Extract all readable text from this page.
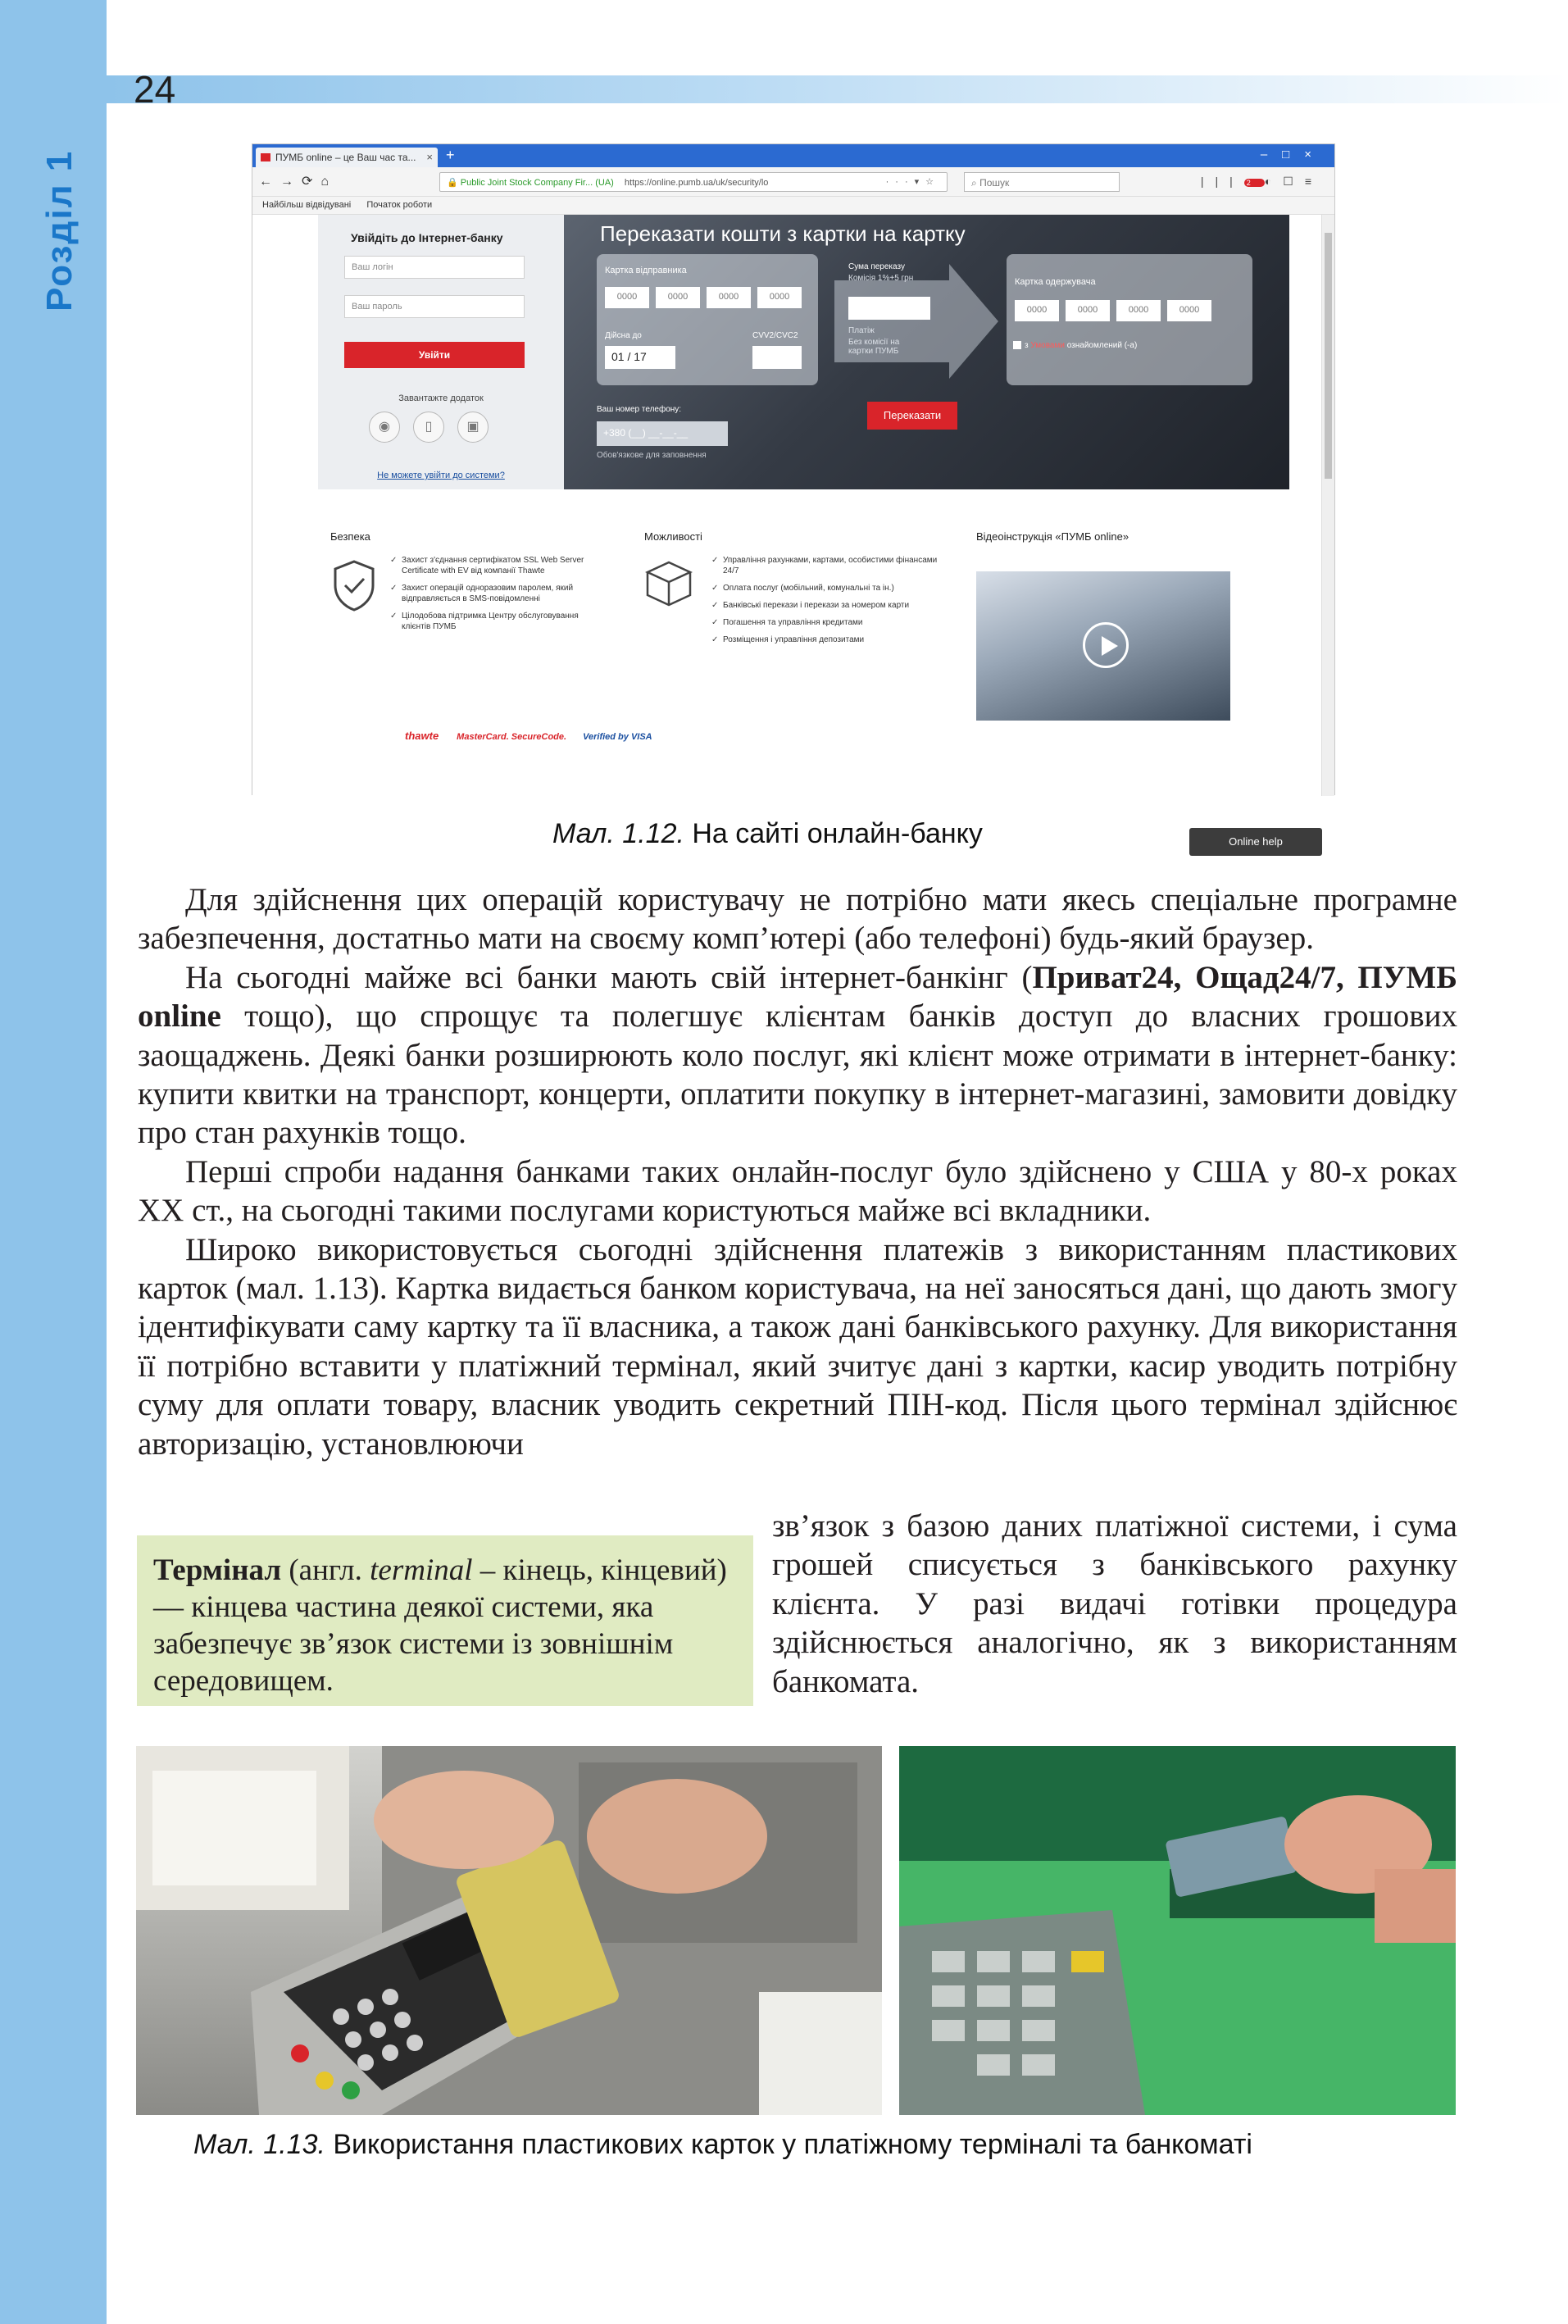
24
Розділ 1	ПУМБ online – це Ваш час та... × +	–□×
←→⟳⌂	🔒 Public Joint Stock Company Fir... (UA) https://online.pumb.ua/uk/security/lo	···▾☆	⌕ Пошук	||| 2 ◐☐≡
Найбільш відвідувані Початок роботи
Увійдіть до Інтернет-банку
Ваш логін
Ваш пароль
Увійти
Завантажте додаток
◉	▯	▣
Не можете увійти до системи?
Переказати кошти з картки на картку
Картка відправника
0000	0000	0000	0000
Дійсна до
01 / 17
CVV2/CVC2
Сума переказу
Комісія 1%+5 грн
Платіж
Без комісії на картки ПУМБ
Картка одержувача
0000	0000	0000	0000
з Умовами ознайомлений (-а)
Ваш номер телефону:
+380 (__) __-__-__
Обов'язкове для заповнення
Переказати
Безпека
✓ Захист з'єднання сертифікатом SSL Web Server Certificate with EV від компанії Thawte
✓ Захист операцій одноразовим паролем, який відправляється в SMS-повідомленні
✓ Цілодобова підтримка Центру обслуговування клієнтів ПУМБ
thawte MasterCard. SecureCode. Verified by VISA
Можливості
✓ Управління рахунками, картами, особистими фінансами 24/7
✓ Оплата послуг (мобільний, комунальні та ін.)
✓ Банківські перекази і перекази за номером карти
✓ Погашення та управління кредитами
✓ Розміщення і управління депозитами
Відеоінструкція «ПУМБ online»
Online help
Мал. 1.12. На сайті онлайн-банку

Для здійснення цих операцій користувачу не потрібно мати якесь спеціальне програмне забезпечення, достатньо мати на своєму комп’ютері (або телефоні) будь-який браузер.

На сьогодні майже всі банки мають свій інтернет-банкінг (Приват24, Ощад24/7, ПУМБ online тощо), що спрощує та полегшує клієнтам банків доступ до власних грошових заощаджень. Деякі банки розширюють коло послуг, які клієнт може отримати в інтернет-банку: купити квитки на транспорт, концерти, оплатити покупку в інтернет-магазині, замовити довідку про стан рахунків тощо.

Перші спроби надання банками таких онлайн-послуг було здійснено у США у 80-х роках ХХ ст., на сьогодні такими послугами користуються майже всі вкладники.

Широко використовується сьогодні здійснення платежів з використанням пластикових карток (мал. 1.13). Картка видається банком користувача, на неї заносяться дані, що дають змогу ідентифікувати саму картку та її власника, а також дані банківського рахунку. Для використання її потрібно вставити у платіжний термінал, який зчитує дані з картки, касир уводить потрібну суму для оплати товару, власник уводить секретний ПІН-код. Після цього термінал здійснює авторизацію, установлюючи

Термінал (англ. terminal – кінець, кінцевий) — кінцева частина деякої системи, яка забезпечує зв’язок системи із зовнішнім середовищем.
зв’язок з базою даних платіжної системи, і сума грошей списується з банківського рахунку клієнта. У разі видачі готівки процедура здійснюється аналогічно, як з використанням банкомата.
Мал. 1.13. Використання пластикових карток у платіжному терміналі та банкоматі
